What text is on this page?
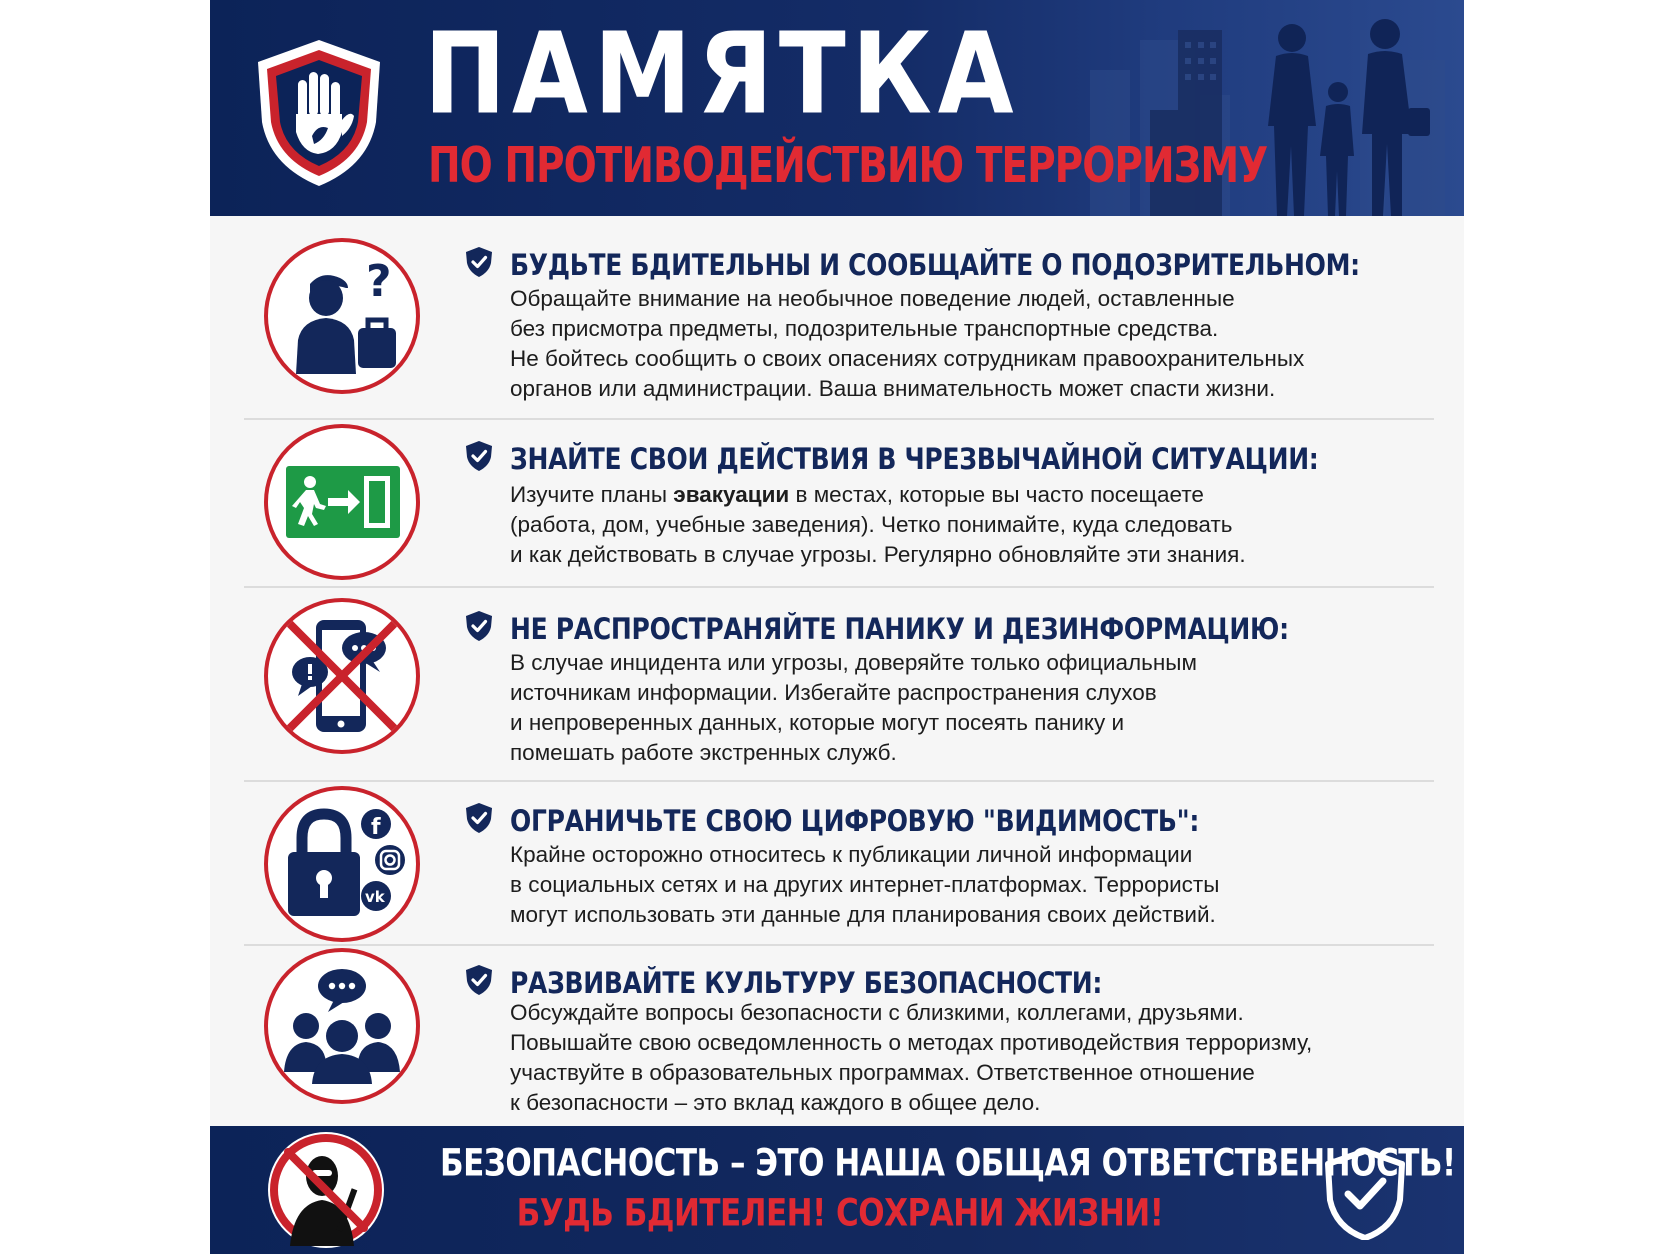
ПАМЯТКА
ПО ПРОТИВОДЕЙСТВИЮ ТЕРРОРИЗМУ
?	БУДЬТЕ БДИТЕЛЬНЫ И СООБЩАЙТЕ О ПОДОЗРИТЕЛЬНОМ:
Обращайте внимание на необычное поведение людей, оставленные
без присмотра предметы, подозрительные транспортные средства.
Не бойтесь сообщить о своих опасениях сотрудникам правоохранительных
органов или администрации. Ваша внимательность может спасти жизни.
ЗНАЙТЕ СВОИ ДЕЙСТВИЯ В ЧРЕЗВЫЧАЙНОЙ СИТУАЦИИ:
Изучите планы эвакуации в местах, которые вы часто посещаете
(работа, дом, учебные заведения). Четко понимайте, куда следовать
и как действовать в случае угрозы. Регулярно обновляйте эти знания.
НЕ РАСПРОСТРАНЯЙТЕ ПАНИКУ И ДЕЗИНФОРМАЦИЮ:
В случае инцидента или угрозы, доверяйте только официальным
источникам информации. Избегайте распространения слухов
и непроверенных данных, которые могут посеять панику и
помешать работе экстренных служб.
f
vk
ОГРАНИЧЬТЕ СВОЮ ЦИФРОВУЮ "ВИДИМОСТЬ":
Крайне осторожно относитесь к публикации личной информации
в социальных сетях и на других интернет-платформах. Террористы
могут использовать эти данные для планирования своих действий.
РАЗВИВАЙТЕ КУЛЬТУРУ БЕЗОПАСНОСТИ:
Обсуждайте вопросы безопасности с близкими, коллегами, друзьями.
Повышайте свою осведомленность о методах противодействия терроризму,
участвуйте в образовательных программах. Ответственное отношение
к безопасности – это вклад каждого в общее дело.
БЕЗОПАСНОСТЬ – ЭТО НАША ОБЩАЯ ОТВЕТСТВЕННОСТЬ!
БУДЬ БДИТЕЛЕН! СОХРАНИ ЖИЗНИ!
